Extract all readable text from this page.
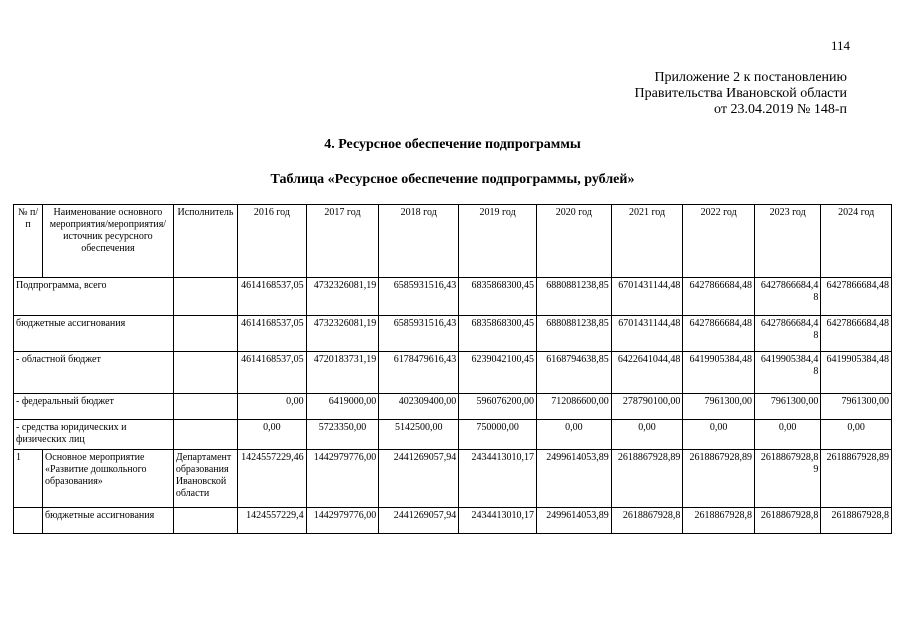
114
Приложение 2 к постановлению
Правительства Ивановской области
от 23.04.2019 № 148-п
4. Ресурсное обеспечение подпрограммы
Таблица «Ресурсное обеспечение подпрограммы, рублей»
№ п/п	Наименование основного мероприятия/мероприятия/ источник ресурсного обеспечения	Исполнитель	2016 год	2017 год	2018 год	2019 год	2020 год	2021 год	2022 год	2023 год	2024 год
Подпрограмма, всего			4614168537,05	4732326081,19	6585931516,43	6835868300,45	6880881238,85	6701431144,48	6427866684,48	6427866684,48	6427866684,48
бюджетные ассигнования			4614168537,05	4732326081,19	6585931516,43	6835868300,45	6880881238,85	6701431144,48	6427866684,48	6427866684,48	6427866684,48
- областной бюджет			4614168537,05	4720183731,19	6178479616,43	6239042100,45	6168794638,85	6422641044,48	6419905384,48	6419905384,48	6419905384,48
- федеральный бюджет			0,00	6419000,00	402309400,00	596076200,00	712086600,00	278790100,00	7961300,00	7961300,00	7961300,00
- средства юридических и физических лиц			0,00	5723350,00	5142500,00	750000,00	0,00	0,00	0,00	0,00	0,00
1	Основное мероприятие «Развитие дошкольного образования»	Департамент образования Ивановской области	1424557229,46	1442979776,00	2441269057,94	2434413010,17	2499614053,89	2618867928,89	2618867928,89	2618867928,89	2618867928,89
	бюджетные ассигнования		1424557229,4	1442979776,00	2441269057,94	2434413010,17	2499614053,89	2618867928,8	2618867928,8	2618867928,8	2618867928,8
